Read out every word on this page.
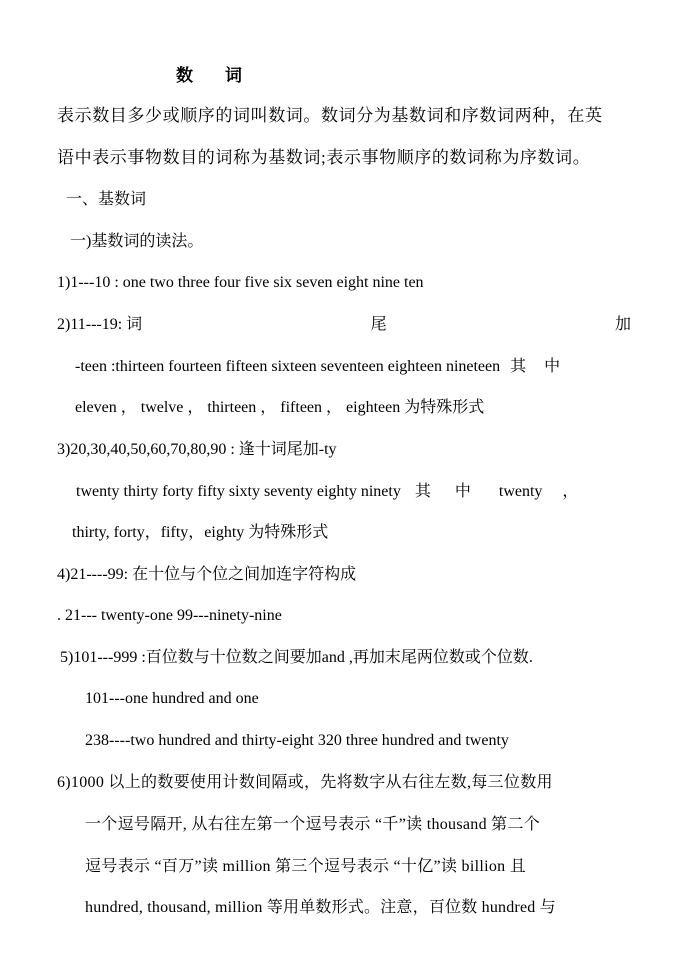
数 词
表示数目多少或顺序的词叫数词。数词分为基数词和序数词两种，在英
语中表示事物数目的词称为基数词;表示事物顺序的数词称为序数词。
一、基数词
一)基数词的读法。
1)1---10 : one two three four five six seven eight nine ten
2)11---19: 词	尾	加
-teen :thirteen fourteen fifteen sixteen seventeen eighteen nineteen 其 中
eleven ， twelve ， thirteen ， fifteen ， eighteen 为特殊形式
3)20,30,40,50,60,70,80,90 : 逢十词尾加-ty
twenty thirty forty fifty sixty seventy eighty ninety 其 中 twenty ，
thirty, forty，fifty，eighty 为特殊形式
4)21----99: 在十位与个位之间加连字符构成
. 21--- twenty-one 99---ninety-nine
5)101---999 :百位数与十位数之间要加and ,再加末尾两位数或个位数.
101---one hundred and one
238----two hundred and thirty-eight 320 three hundred and twenty
6)1000 以上的数要使用计数间隔或，先将数字从右往左数,每三位数用
一个逗号隔开, 从右往左第一个逗号表示 “千”读 thousand 第二个
逗号表示 “百万”读 million 第三个逗号表示 “十亿”读 billion 且
hundred, thousand, million 等用单数形式。注意，百位数 hundred 与
